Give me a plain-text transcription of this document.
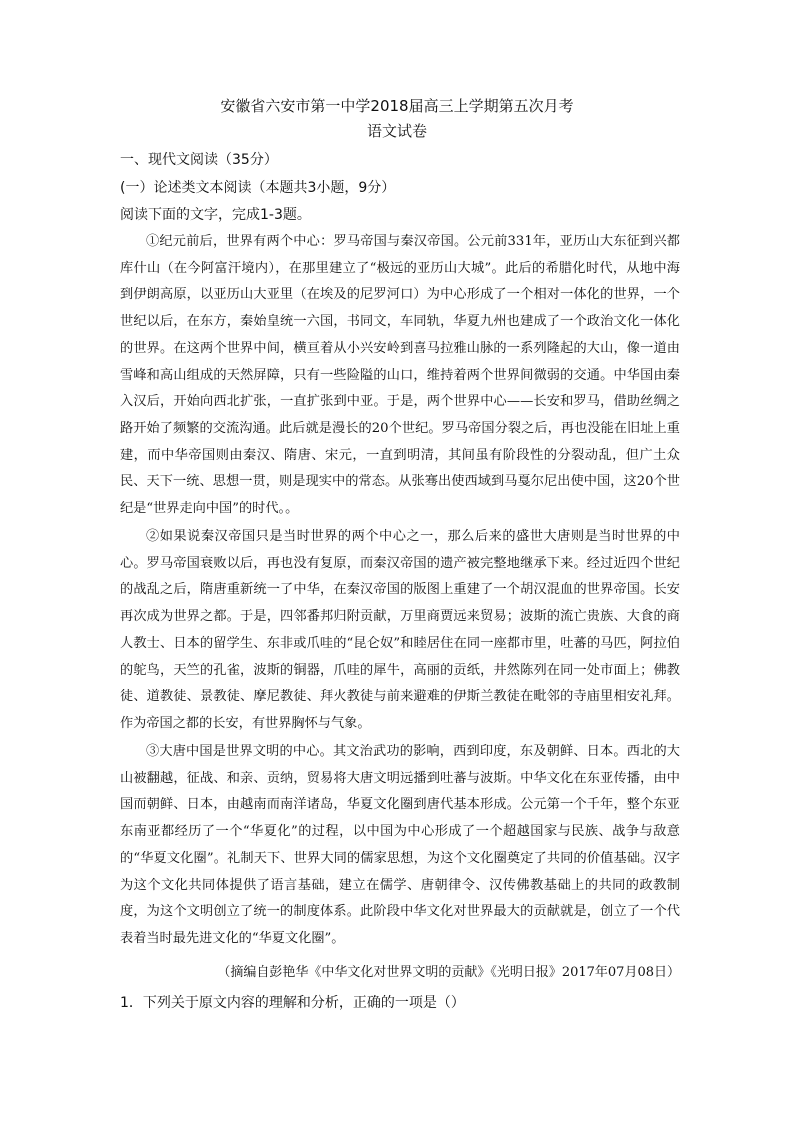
安徽省六安市第一中学2018届高三上学期第五次月考
语文试卷
一、现代文阅读（35分）
(一）论述类文本阅读（本题共3小题，9分）
阅读下面的文字，完成1-3题。

①纪元前后，世界有两个中心：罗马帝国与秦汉帝国。公元前331年，亚历山大东征到兴都库什山（在今阿富汗境内），在那里建立了“极远的亚历山大城”。此后的希腊化时代，从地中海到伊朗高原，以亚历山大亚里（在埃及的尼罗河口）为中心形成了一个相对一体化的世界，一个世纪以后，在东方，秦始皇统一六国，书同文，车同轨，华夏九州也建成了一个政治文化一体化的世界。在这两个世界中间，横亘着从小兴安岭到喜马拉雅山脉的一系列隆起的大山，像一道由雪峰和高山组成的天然屏障，只有一些险隘的山口，维持着两个世界间微弱的交通。中华国由秦入汉后，开始向西北扩张，一直扩张到中亚。于是，两个世界中心——长安和罗马，借助丝绸之路开始了频繁的交流沟通。此后就是漫长的20个世纪。罗马帝国分裂之后，再也没能在旧址上重建，而中华帝国则由秦汉、隋唐、宋元，一直到明清，其间虽有阶段性的分裂动乱，但广土众民、天下一统、思想一贯，则是现实中的常态。从张骞出使西域到马戛尔尼出使中国，这20个世纪是“世界走向中国”的时代。。

②如果说秦汉帝国只是当时世界的两个中心之一，那么后来的盛世大唐则是当时世界的中心。罗马帝国衰败以后，再也没有复原，而秦汉帝国的遗产被完整地继承下来。经过近四个世纪的战乱之后，隋唐重新统一了中华，在秦汉帝国的版图上重建了一个胡汉混血的世界帝国。长安再次成为世界之都。于是，四邻番邦归附贡献，万里商贾远来贸易；波斯的流亡贵族、大食的商人教士、日本的留学生、东非或爪哇的“昆仑奴”和睦居住在同一座都市里，吐蕃的马匹，阿拉伯的鸵鸟，天竺的孔雀，波斯的铜器，爪哇的犀牛，高丽的贡纸，井然陈列在同一处市面上；佛教徒、道教徒、景教徒、摩尼教徒、拜火教徒与前来避难的伊斯兰教徒在毗邻的寺庙里相安礼拜。作为帝国之都的长安，有世界胸怀与气象。

③大唐中国是世界文明的中心。其文治武功的影响，西到印度，东及朝鲜、日本。西北的大山被翻越，征战、和亲、贡纳，贸易将大唐文明远播到吐蕃与波斯。中华文化在东亚传播，由中国而朝鲜、日本，由越南而南洋诸岛，华夏文化圈到唐代基本形成。公元第一个千年，整个东亚东南亚都经历了一个“华夏化”的过程，以中国为中心形成了一个超越国家与民族、战争与敌意的“华夏文化圈”。礼制天下、世界大同的儒家思想，为这个文化圈奠定了共同的价值基础。汉字为这个文化共同体提供了语言基础，建立在儒学、唐朝律令、汉传佛教基础上的共同的政教制度，为这个文明创立了统一的制度体系。此阶段中华文化对世界最大的贡献就是，创立了一个代表着当时最先进文化的“华夏文化圈”。

（摘编自彭艳华《中华文化对世界文明的贡献》《光明日报》2017年07月08日）
1．下列关于原文内容的理解和分析，正确的一项是（）
